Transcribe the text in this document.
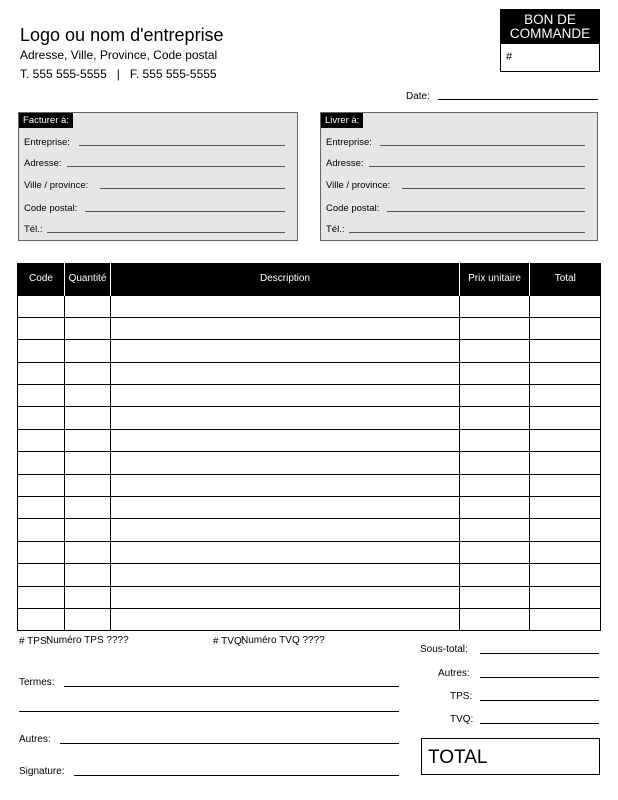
Logo ou nom d'entreprise
Adresse, Ville, Province, Code postal
T. 555 555-5555   |   F. 555 555-5555
BON DE
COMMANDE
#
Date:
Facturer à:
Entreprise:
Adresse:
Ville / province:
Code postal:
Tél.:
Livrer à:
Entreprise:
Adresse:
Ville / province:
Code postal:
Tél.:
Code	Quantité	Description	Prix unitaire	Total

# TPS:
Numéro TPS ????	# TVQ:
Numéro TVQ ????
Termes:
Autres:
Signature:
Sous-total:
Autres:
TPS:
TVQ:
TOTAL
